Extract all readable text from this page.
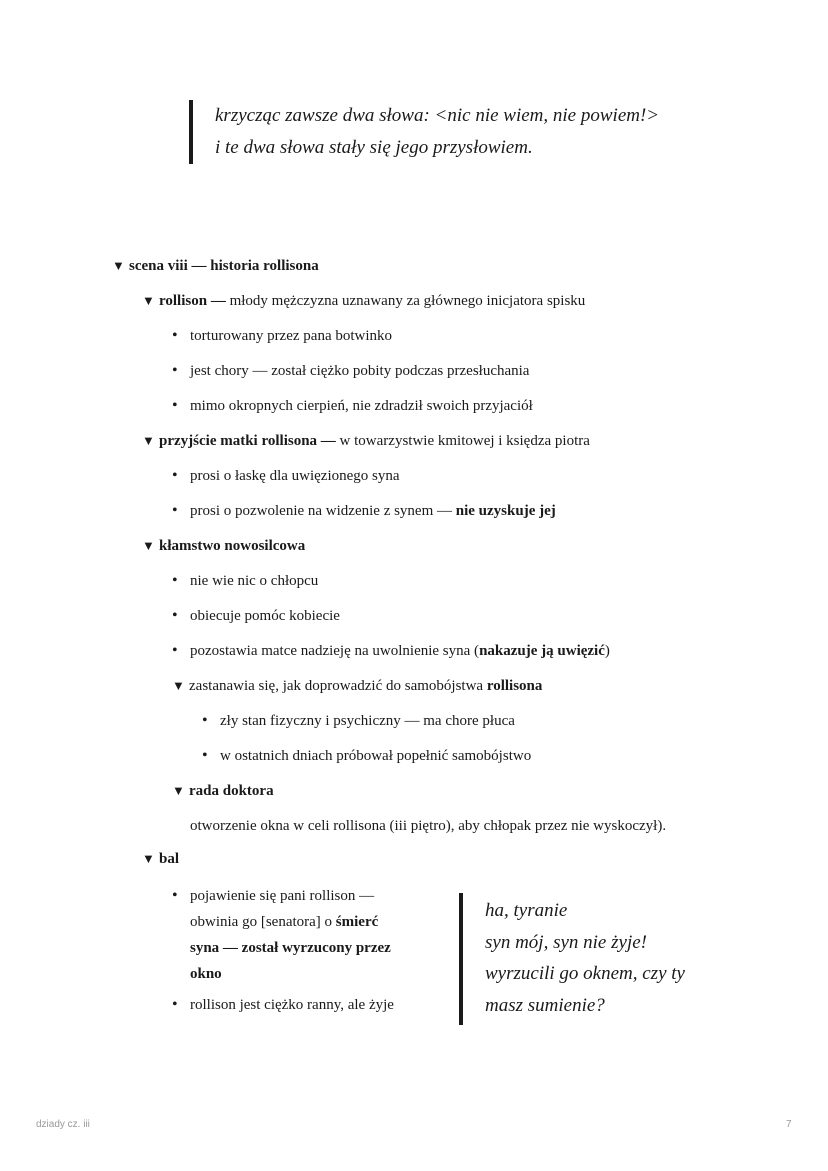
krzycząc zawsze dwa słowa: <nic nie wiem, nie powiem!>
i te dwa słowa stały się jego przysłowiem.
▼ scena viii — historia rollisona
▼ rollison — młody mężczyzna uznawany za głównego inicjatora spisku
• torturowany przez pana botwinko
• jest chory — został ciężko pobity podczas przesłuchania
• mimo okropnych cierpień, nie zdradził swoich przyjaciół
▼ przyjście matki rollisona — w towarzystwie kmitowej i księdza piotra
• prosi o łaskę dla uwięzionego syna
• prosi o pozwolenie na widzenie z synem — nie uzyskuje jej
▼ kłamstwo nowosilcowa
• nie wie nic o chłopcu
• obiecuje pomóc kobiecie
• pozostawia matce nadzieję na uwolnienie syna (nakazuje ją uwięzić)
▼ zastanawia się, jak doprowadzić do samobójstwa rollisona
• zły stan fizyczny i psychiczny — ma chore płuca
• w ostatnich dniach próbował popełnić samobójstwo
▼ rada doktora
otworzenie okna w celi rollisona (iii piętro), aby chłopak przez nie wyskoczył).
▼ bal
• pojawienie się pani rollison —
obwinia go [senatora] o śmierć
syna — został wyrzucony przez
okno
• rollison jest ciężko ranny, ale żyje
ha, tyranie
syn mój, syn nie żyje!
wyrzucili go oknem, czy ty
masz sumienie?
dziady cz. iii	7
